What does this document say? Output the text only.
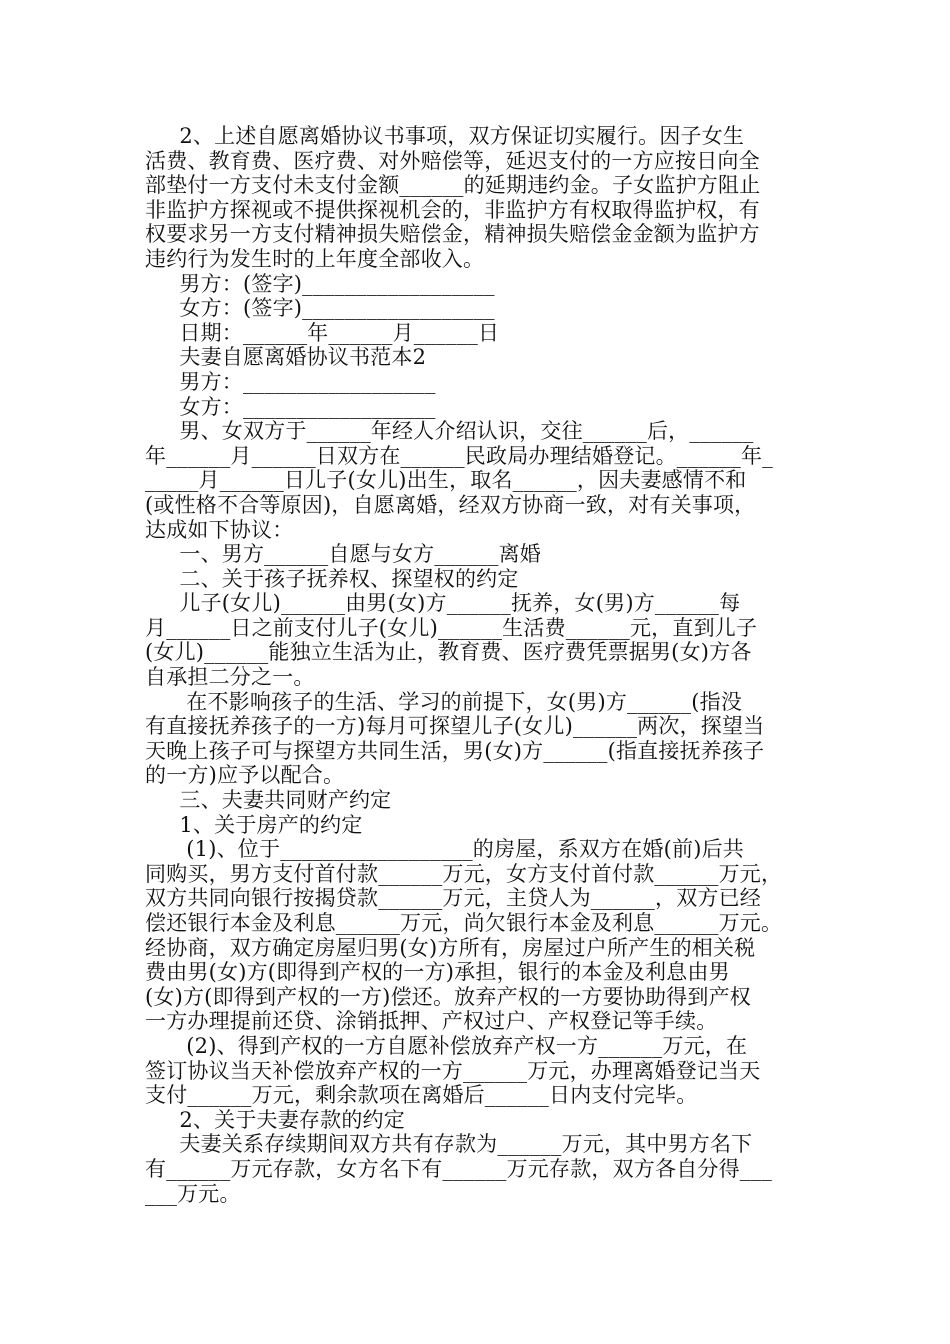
2、上述自愿离婚协议书事项，双方保证切实履行。因子女生
活费、教育费、医疗费、对外赔偿等，延迟支付的一方应按日向全
部垫付一方支付未支付金额______的延期违约金。子女监护方阻止
非监护方探视或不提供探视机会的，非监护方有权取得监护权，有
权要求另一方支付精神损失赔偿金，精神损失赔偿金金额为监护方
违约行为发生时的上年度全部收入。
男方：(签字)__________________
女方：(签字)__________________
日期：______年______月______日
夫妻自愿离婚协议书范本2
男方：__________________
女方：__________________
男、女双方于______年经人介绍认识，交往______后，______
年______月______日双方在______民政局办理结婚登记。______年_
_____月______日儿子(女儿)出生，取名______，因夫妻感情不和
(或性格不合等原因)，自愿离婚，经双方协商一致，对有关事项，
达成如下协议：
一、男方______自愿与女方______离婚
二、关于孩子抚养权、探望权的约定
儿子(女儿)______由男(女)方______抚养，女(男)方______每
月______日之前支付儿子(女儿)______生活费______元，直到儿子
(女儿)______能独立生活为止，教育费、医疗费凭票据男(女)方各
自承担二分之一。
在不影响孩子的生活、学习的前提下，女(男)方______(指没
有直接抚养孩子的一方)每月可探望儿子(女儿)______两次，探望当
天晚上孩子可与探望方共同生活，男(女)方______(指直接抚养孩子
的一方)应予以配合。
三、夫妻共同财产约定
1、关于房产的约定
(1)、位于__________________的房屋，系双方在婚(前)后共
同购买，男方支付首付款______万元，女方支付首付款______万元，
双方共同向银行按揭贷款______万元，主贷人为______，双方已经
偿还银行本金及利息______万元，尚欠银行本金及利息______万元。
经协商，双方确定房屋归男(女)方所有，房屋过户所产生的相关税
费由男(女)方(即得到产权的一方)承担，银行的本金及利息由男
(女)方(即得到产权的一方)偿还。放弃产权的一方要协助得到产权
一方办理提前还贷、涂销抵押、产权过户、产权登记等手续。
(2)、得到产权的一方自愿补偿放弃产权一方______万元，在
签订协议当天补偿放弃产权的一方______万元，办理离婚登记当天
支付______万元，剩余款项在离婚后______日内支付完毕。
2、关于夫妻存款的约定
夫妻关系存续期间双方共有存款为______万元，其中男方名下
有______万元存款，女方名下有______万元存款，双方各自分得___
___万元。
